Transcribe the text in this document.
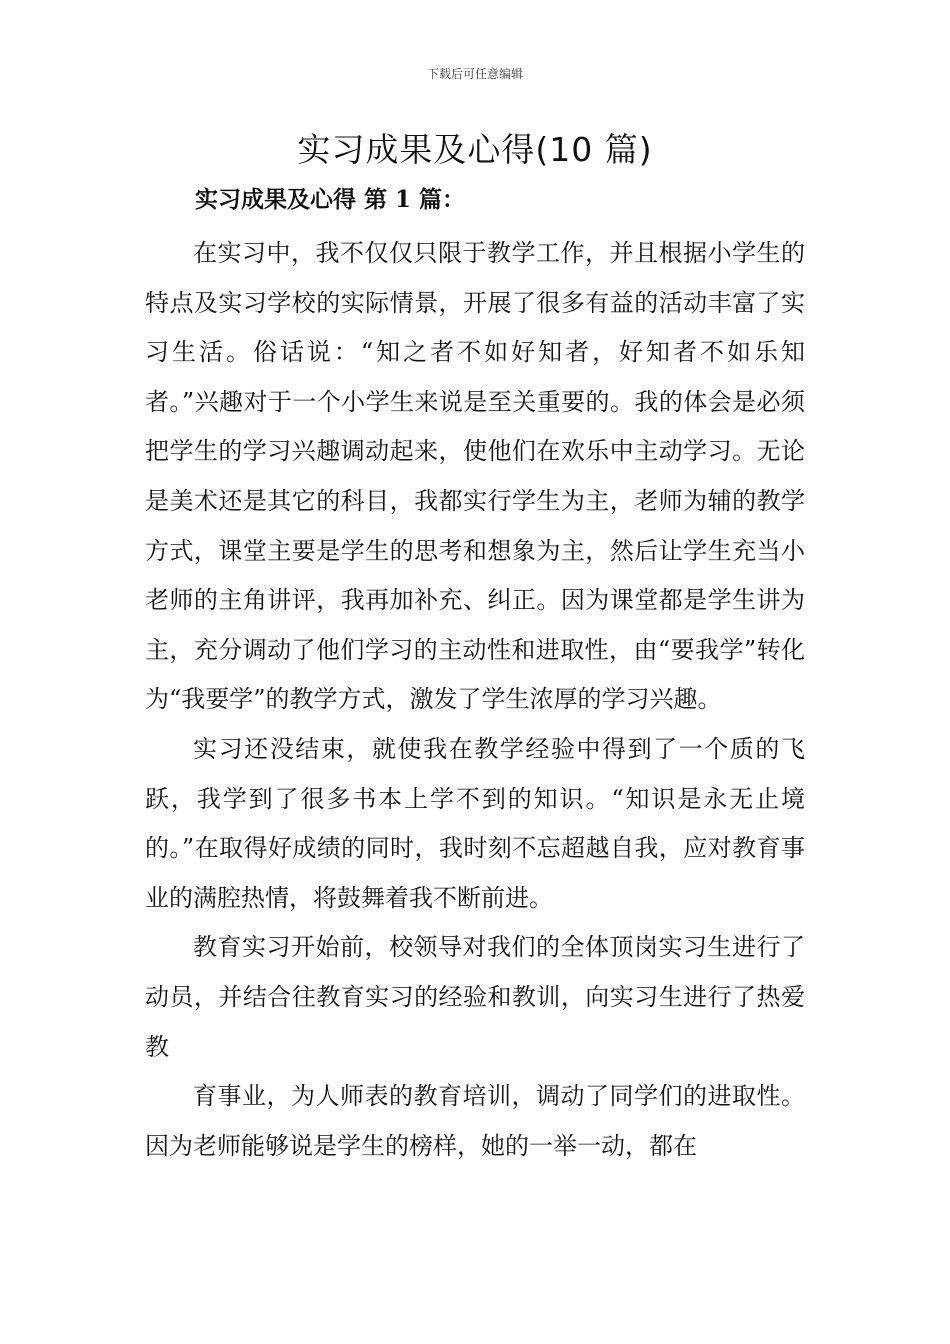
下载后可任意编辑
实习成果及心得(10 篇)
实习成果及心得 第 1 篇：

在实习中，我不仅仅只限于教学工作，并且根据小学生的特点及实习学校的实际情景，开展了很多有益的活动丰富了实习生活。俗话说：“知之者不如好知者，好知者不如乐知者。”兴趣对于一个小学生来说是至关重要的。我的体会是必须把学生的学习兴趣调动起来，使他们在欢乐中主动学习。无论是美术还是其它的科目，我都实行学生为主，老师为辅的教学方式，课堂主要是学生的思考和想象为主，然后让学生充当小老师的主角讲评，我再加补充、纠正。因为课堂都是学生讲为主，充分调动了他们学习的主动性和进取性，由“要我学”转化为“我要学”的教学方式，激发了学生浓厚的学习兴趣。

实习还没结束，就使我在教学经验中得到了一个质的飞跃，我学到了很多书本上学不到的知识。“知识是永无止境的。”在取得好成绩的同时，我时刻不忘超越自我，应对教育事业的满腔热情，将鼓舞着我不断前进。

教育实习开始前，校领导对我们的全体顶岗实习生进行了动员，并结合往教育实习的经验和教训，向实习生进行了热爱教

育事业，为人师表的教育培训，调动了同学们的进取性。因为老师能够说是学生的榜样，她的一举一动，都在
